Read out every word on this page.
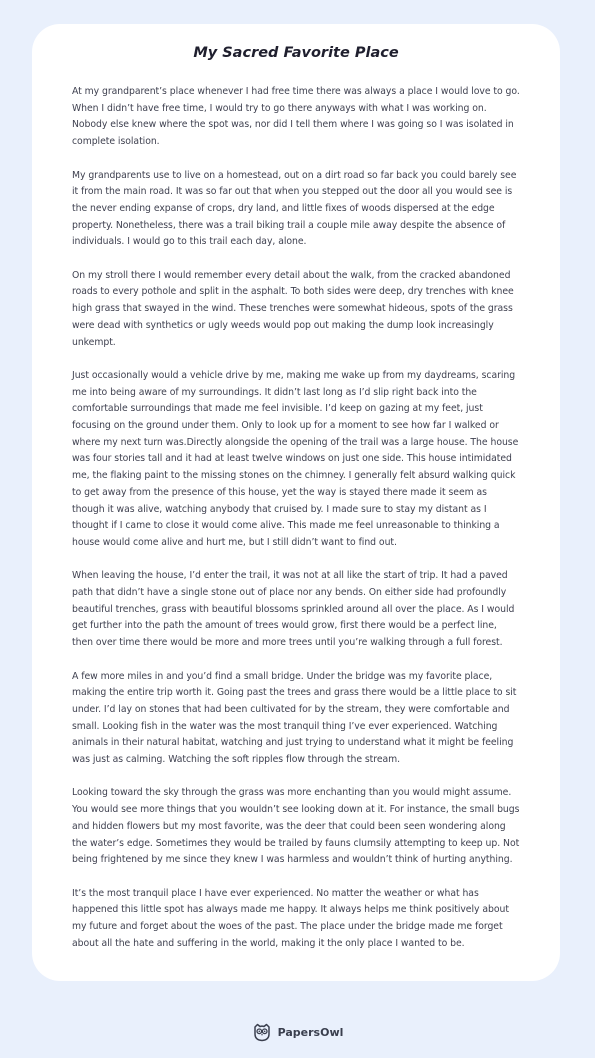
My Sacred Favorite Place

At my grandparent’s place whenever I had free time there was always a place I would love to go. When I didn’t have free time, I would try to go there anyways with what I was working on. Nobody else knew where the spot was, nor did I tell them where I was going so I was isolated in complete isolation.

My grandparents use to live on a homestead, out on a dirt road so far back you could barely see it from the main road. It was so far out that when you stepped out the door all you would see is the never ending expanse of crops, dry land, and little fixes of woods dispersed at the edge property. Nonetheless, there was a trail biking trail a couple mile away despite the absence of individuals. I would go to this trail each day, alone.

On my stroll there I would remember every detail about the walk, from the cracked abandoned roads to every pothole and split in the asphalt. To both sides were deep, dry trenches with knee high grass that swayed in the wind. These trenches were somewhat hideous, spots of the grass were dead with synthetics or ugly weeds would pop out making the dump look increasingly unkempt.

Just occasionally would a vehicle drive by me, making me wake up from my daydreams, scaring me into being aware of my surroundings. It didn’t last long as I’d slip right back into the comfortable surroundings that made me feel invisible. I’d keep on gazing at my feet, just focusing on the ground under them. Only to look up for a moment to see how far I walked or where my next turn was.Directly alongside the opening of the trail was a large house. The house was four stories tall and it had at least twelve windows on just one side. This house intimidated me, the flaking paint to the missing stones on the chimney. I generally felt absurd walking quick to get away from the presence of this house, yet the way is stayed there made it seem as though it was alive, watching anybody that cruised by. I made sure to stay my distant as I thought if I came to close it would come alive. This made me feel unreasonable to thinking a house would come alive and hurt me, but I still didn’t want to find out.

When leaving the house, I’d enter the trail, it was not at all like the start of trip. It had a paved path that didn’t have a single stone out of place nor any bends. On either side had profoundly beautiful trenches, grass with beautiful blossoms sprinkled around all over the place. As I would get further into the path the amount of trees would grow, first there would be a perfect line, then over time there would be more and more trees until you’re walking through a full forest.

A few more miles in and you’d find a small bridge. Under the bridge was my favorite place, making the entire trip worth it. Going past the trees and grass there would be a little place to sit under. I’d lay on stones that had been cultivated for by the stream, they were comfortable and small. Looking fish in the water was the most tranquil thing I’ve ever experienced. Watching animals in their natural habitat, watching and just trying to understand what it might be feeling was just as calming. Watching the soft ripples flow through the stream.

Looking toward the sky through the grass was more enchanting than you would might assume. You would see more things that you wouldn’t see looking down at it. For instance, the small bugs and hidden flowers but my most favorite, was the deer that could been seen wondering along the water’s edge. Sometimes they would be trailed by fauns clumsily attempting to keep up. Not being frightened by me since they knew I was harmless and wouldn’t think of hurting anything.

It’s the most tranquil place I have ever experienced. No matter the weather or what has happened this little spot has always made me happy. It always helps me think positively about my future and forget about the woes of the past. The place under the bridge made me forget about all the hate and suffering in the world, making it the only place I wanted to be.

PapersOwl
